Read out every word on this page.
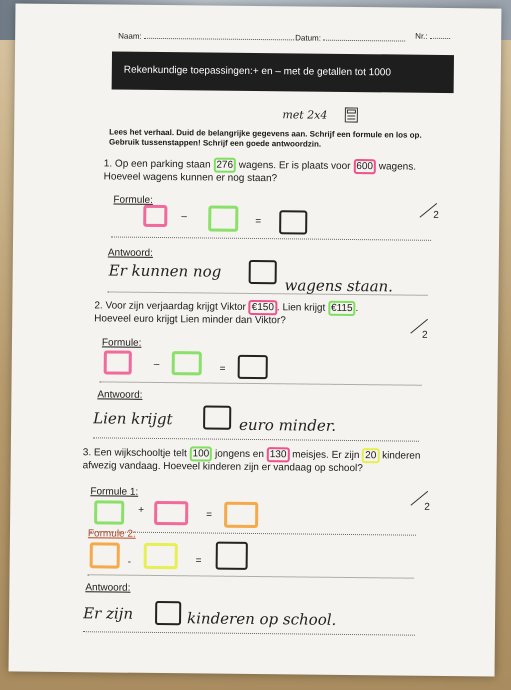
Naam:	Datum:	Nr.:
Rekenkundige toepassingen:+ en – met de getallen tot 1000
met 2x4
Lees het verhaal. Duid de belangrijke gegevens aan. Schrijf een formule en los op. Gebruik tussenstappen! Schrijf een goede antwoordzin.
1. Op een parking staan 276 wagens. Er is plaats voor 600 wagens.
Hoeveel wagens kunnen er nog staan?
2
Formule:
–	=
Antwoord:
Er kunnen nog
wagens staan.
2. Voor zijn verjaardag krijgt Viktor €150 . Lien krijgt €115 .
Hoeveel euro krijgt Lien minder dan Viktor?
2
Formule:
–	=
Antwoord:
Lien krijgt	euro minder.
3. Een wijkschooltje telt 100 jongens en 130 meisjes. Er zijn 20 kinderen
afwezig vandaag. Hoeveel kinderen zijn er vandaag op school?
2
Formule 1:
+	=
Formule 2:
-	=
Antwoord:
Er zijn	kinderen op school.
